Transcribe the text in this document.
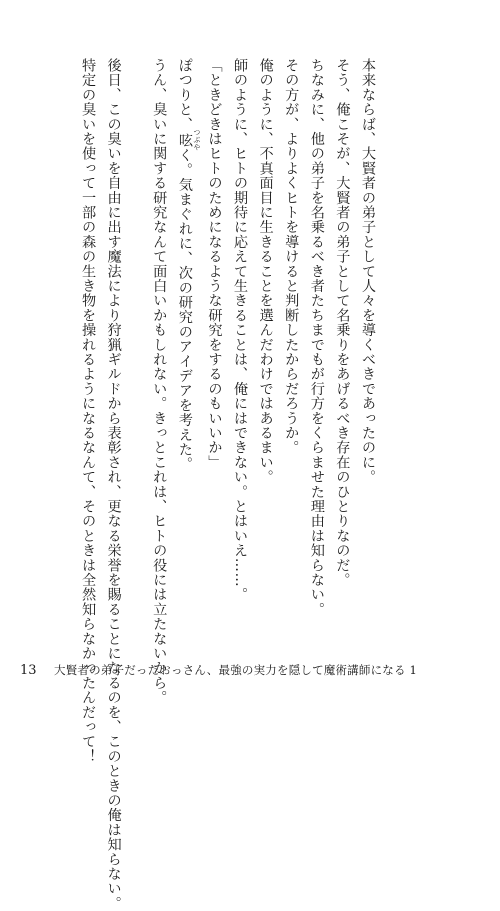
本来ならば、大賢者の弟子として人々を導くべきであったのに。
そう、俺こそが、大賢者の弟子として名乗りをあげるべき存在のひとりなのだ。
ちなみに、他の弟子を名乗るべき者たちまでもが行方をくらませた理由は知らない。
その方が、よりよくヒトを導けると判断したからだろうか。
俺のように、不真面目に生きることを選んだわけではあるまい。
師のように、ヒトの期待に応えて生きることは、俺にはできない。とはいえ……。
「ときどきはヒトのためになるような研究をするのもいいか」
ぽつりと、呟 つぶやく。気まぐれに、次の研究のアイデアを考えた。
うん、臭いに関する研究なんて面白いかもしれない。きっとこれは、ヒトの役には立たないから。
後日、この臭いを自由に出す魔法により狩猟ギルドから表彰され、更なる栄誉を賜ることになるのを、このときの俺は知らない。
特定の臭いを使って一部の森の生き物を操れるようになるなんて、そのときは全然知らなかったんだって！
13	大賢者の弟子だったおっさん、最強の実力を隠して魔術講師になる 1
